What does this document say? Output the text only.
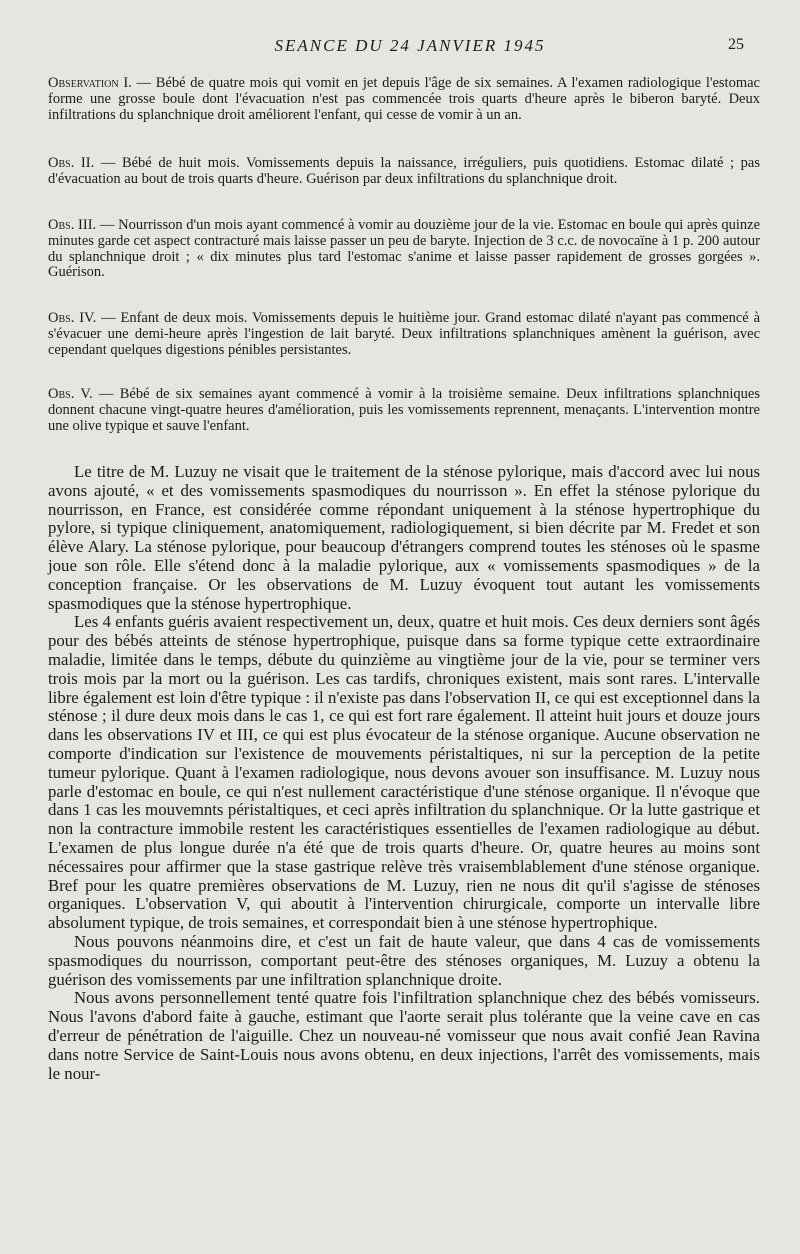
SEANCE DU 24 JANVIER 1945	25
Observation I. — Bébé de quatre mois qui vomit en jet depuis l'âge de six semaines. A l'examen radiologique l'estomac forme une grosse boule dont l'évacuation n'est pas commencée trois quarts d'heure après le biberon baryté. Deux infiltrations du splanchnique droit améliorent l'enfant, qui cesse de vomir à un an.
Obs. II. — Bébé de huit mois. Vomissements depuis la naissance, irréguliers, puis quotidiens. Estomac dilaté ; pas d'évacuation au bout de trois quarts d'heure. Guérison par deux infiltrations du splanchnique droit.
Obs. III. — Nourrisson d'un mois ayant commencé à vomir au douzième jour de la vie. Estomac en boule qui après quinze minutes garde cet aspect contracturé mais laisse passer un peu de baryte. Injection de 3 c.c. de novocaïne à 1 p. 200 autour du splanchnique droit ; « dix minutes plus tard l'estomac s'anime et laisse passer rapidement de grosses gorgées ». Guérison.
Obs. IV. — Enfant de deux mois. Vomissements depuis le huitième jour. Grand estomac dilaté n'ayant pas commencé à s'évacuer une demi-heure après l'ingestion de lait baryté. Deux infiltrations splanchniques amènent la guérison, avec cependant quelques digestions pénibles persistantes.
Obs. V. — Bébé de six semaines ayant commencé à vomir à la troisième semaine. Deux infiltrations splanchniques donnent chacune vingt-quatre heures d'amélioration, puis les vomissements reprennent, menaçants. L'intervention montre une olive typique et sauve l'enfant.

Le titre de M. Luzuy ne visait que le traitement de la sténose pylorique, mais d'accord avec lui nous avons ajouté, « et des vomissements spasmodiques du nourrisson ». En effet la sténose pylorique du nourrisson, en France, est considérée comme répondant uniquement à la sténose hypertrophique du pylore, si typique cliniquement, anatomiquement, radiologiquement, si bien décrite par M. Fredet et son élève Alary. La sténose pylorique, pour beaucoup d'étrangers comprend toutes les sténoses où le spasme joue son rôle. Elle s'étend donc à la maladie pylorique, aux « vomissements spasmodiques » de la conception française. Or les observations de M. Luzuy évoquent tout autant les vomissements spasmodiques que la sténose hypertrophique.

Les 4 enfants guéris avaient respectivement un, deux, quatre et huit mois. Ces deux derniers sont âgés pour des bébés atteints de sténose hypertrophique, puisque dans sa forme typique cette extraordinaire maladie, limitée dans le temps, débute du quinzième au vingtième jour de la vie, pour se terminer vers trois mois par la mort ou la guérison. Les cas tardifs, chroniques existent, mais sont rares. L'intervalle libre également est loin d'être typique : il n'existe pas dans l'observation II, ce qui est exceptionnel dans la sténose ; il dure deux mois dans le cas 1, ce qui est fort rare également. Il atteint huit jours et douze jours dans les observations IV et III, ce qui est plus évocateur de la sténose organique. Aucune observation ne comporte d'indication sur l'existence de mouvements péristaltiques, ni sur la perception de la petite tumeur pylorique. Quant à l'examen radiologique, nous devons avouer son insuffisance. M. Luzuy nous parle d'estomac en boule, ce qui n'est nullement caractéristique d'une sténose organique. Il n'évoque que dans 1 cas les mouvemnts péristaltiques, et ceci après infiltration du splanchnique. Or la lutte gastrique et non la contracture immobile restent les caractéristiques essentielles de l'examen radiologique au début. L'examen de plus longue durée n'a été que de trois quarts d'heure. Or, quatre heures au moins sont nécessaires pour affirmer que la stase gastrique relève très vraisemblablement d'une sténose organique. Bref pour les quatre premières observations de M. Luzuy, rien ne nous dit qu'il s'agisse de sténoses organiques. L'observation V, qui aboutit à l'intervention chirurgicale, comporte un intervalle libre absolument typique, de trois semaines, et correspondait bien à une sténose hypertrophique.

Nous pouvons néanmoins dire, et c'est un fait de haute valeur, que dans 4 cas de vomissements spasmodiques du nourrisson, comportant peut-être des sténoses organiques, M. Luzuy a obtenu la guérison des vomissements par une infiltration splanchnique droite.

Nous avons personnellement tenté quatre fois l'infiltration splanchnique chez des bébés vomisseurs. Nous l'avons d'abord faite à gauche, estimant que l'aorte serait plus tolérante que la veine cave en cas d'erreur de pénétration de l'aiguille. Chez un nouveau-né vomisseur que nous avait confié Jean Ravina dans notre Service de Saint-Louis nous avons obtenu, en deux injections, l'arrêt des vomissements, mais le nour-
